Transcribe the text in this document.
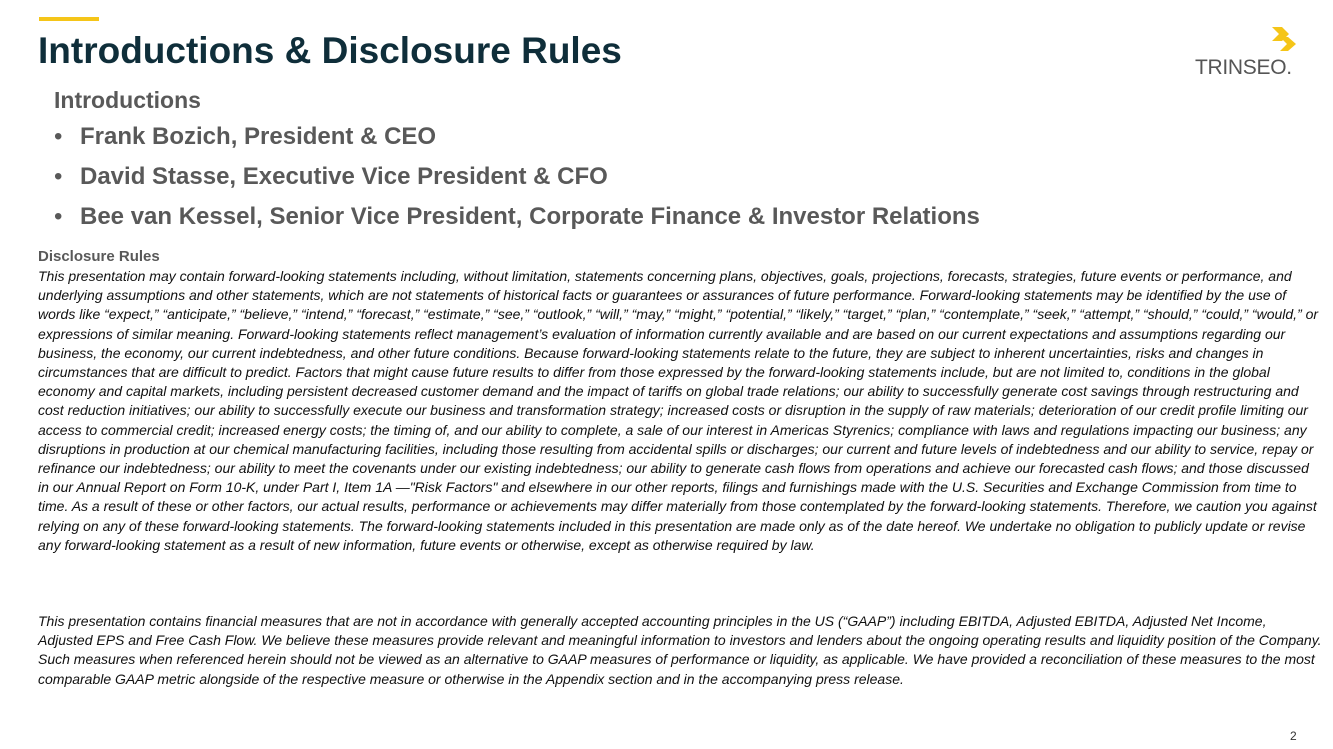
Introductions & Disclosure Rules	TRINSEO.
Introductions
• Frank Bozich, President & CEO
• David Stasse, Executive Vice President & CFO
• Bee van Kessel, Senior Vice President, Corporate Finance & Investor Relations
Disclosure Rules

This presentation may contain forward-looking statements including, without limitation, statements concerning plans, objectives, goals, projections, forecasts, strategies, future events or performance, and underlying assumptions and other statements, which are not statements of historical facts or guarantees or assurances of future performance. Forward-looking statements may be identified by the use of words like “expect,” “anticipate,” “believe,” “intend,” “forecast,” “estimate,” “see,” “outlook,” “will,” “may,” “might,” “potential,” “likely,” “target,” “plan,” “contemplate,” “seek,” “attempt,” “should,” “could,” “would,” or expressions of similar meaning. Forward-looking statements reflect management’s evaluation of information currently available and are based on our current expectations and assumptions regarding our business, the economy, our current indebtedness, and other future conditions. Because forward-looking statements relate to the future, they are subject to inherent uncertainties, risks and changes in circumstances that are difficult to predict. Factors that might cause future results to differ from those expressed by the forward-looking statements include, but are not limited to, conditions in the global economy and capital markets, including persistent decreased customer demand and the impact of tariffs on global trade relations; our ability to successfully generate cost savings through restructuring and cost reduction initiatives; our ability to successfully execute our business and transformation strategy; increased costs or disruption in the supply of raw materials; deterioration of our credit profile limiting our access to commercial credit; increased energy costs; the timing of, and our ability to complete, a sale of our interest in Americas Styrenics; compliance with laws and regulations impacting our business; any disruptions in production at our chemical manufacturing facilities, including those resulting from accidental spills or discharges; our current and future levels of indebtedness and our ability to service, repay or refinance our indebtedness; our ability to meet the covenants under our existing indebtedness; our ability to generate cash flows from operations and achieve our forecasted cash flows; and those discussed in our Annual Report on Form 10-K, under Part I, Item 1A —"Risk Factors" and elsewhere in our other reports, filings and furnishings made with the U.S. Securities and Exchange Commission from time to time. As a result of these or other factors, our actual results, performance or achievements may differ materially from those contemplated by the forward-looking statements. Therefore, we caution you against relying on any of these forward-looking statements. The forward-looking statements included in this presentation are made only as of the date hereof. We undertake no obligation to publicly update or revise any forward-looking statement as a result of new information, future events or otherwise, except as otherwise required by law.

This presentation contains financial measures that are not in accordance with generally accepted accounting principles in the US (“GAAP”) including EBITDA, Adjusted EBITDA, Adjusted Net Income, Adjusted EPS and Free Cash Flow. We believe these measures provide relevant and meaningful information to investors and lenders about the ongoing operating results and liquidity position of the Company. Such measures when referenced herein should not be viewed as an alternative to GAAP measures of performance or liquidity, as applicable. We have provided a reconciliation of these measures to the most comparable GAAP metric alongside of the respective measure or otherwise in the Appendix section and in the accompanying press release.

2
